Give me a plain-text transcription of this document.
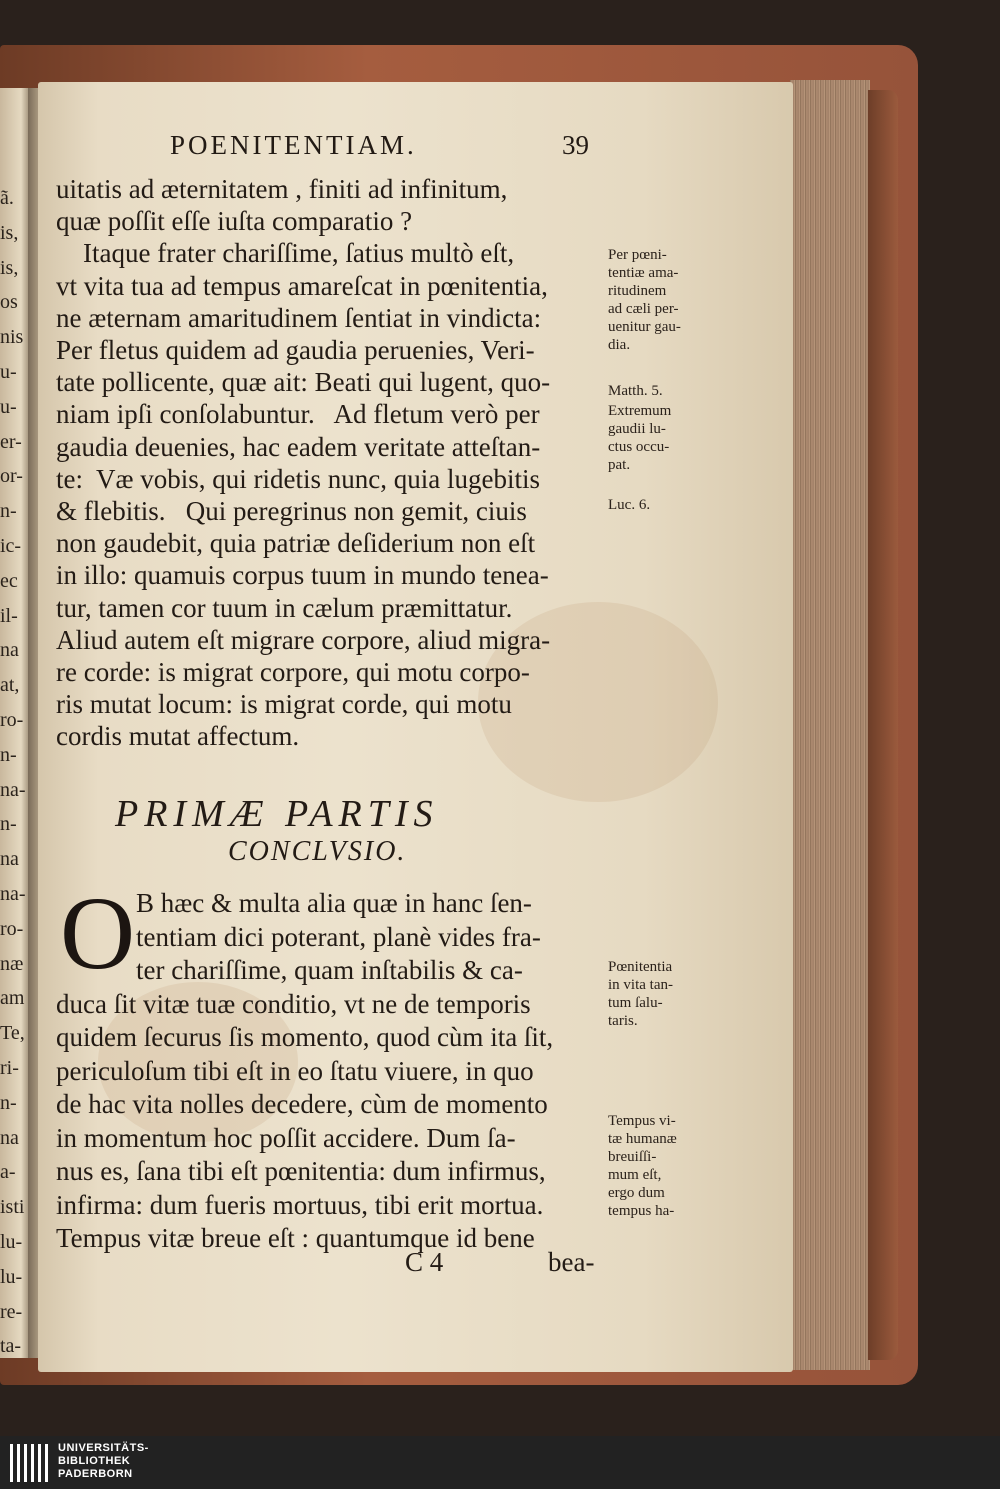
ã.
is,
is,
os
nis
u-
u-
er-
or-
n-
ic-
ec
il-
na
at,
ro-
n-
na-
n-
na
na-
ro-
næ
am
Te,
ri-
n-
na
a-
isti
lu-
lu-
re-
ta-
POENITENTIAM.	39
uitatis ad æternitatem , finiti ad infinitum,
quæ poſſit eſſe iuſta comparatio ?
Itaque frater chariſſime, ſatius multò eſt,
vt vita tua ad tempus amareſcat in pœnitentia,
ne æternam amaritudinem ſentiat in vindicta:
Per fletus quidem ad gaudia peruenies, Veri-
tate pollicente, quæ ait: Beati qui lugent, quo-
niam ipſi conſolabuntur.   Ad fletum verò per
gaudia deuenies, hac eadem veritate atteſtan-
te:  Væ vobis, qui ridetis nunc, quia lugebitis
& flebitis.   Qui peregrinus non gemit, ciuis
non gaudebit, quia patriæ deſiderium non eſt
in illo: quamuis corpus tuum in mundo tenea-
tur, tamen cor tuum in cælum præmittatur.
Aliud autem eſt migrare corpore, aliud migra-
re corde: is migrat corpore, qui motu corpo-
ris mutat locum: is migrat corde, qui motu
cordis mutat affectum.
PRIMÆ PARTIS
CONCLVSIO.
O B hæc & multa alia quæ in hanc ſen-
tentiam dici poterant, planè vides fra-
ter chariſſime, quam inſtabilis & ca-
duca ſit vitæ tuæ conditio, vt ne de temporis
quidem ſecurus ſis momento, quod cùm ita ſit,
periculoſum tibi eſt in eo ſtatu viuere, in quo
de hac vita nolles decedere, cùm de momento
in momentum hoc poſſit accidere. Dum ſa-
nus es, ſana tibi eſt pœnitentia: dum infirmus,
infirma: dum fueris mortuus, tibi erit mortua.
Tempus vitæ breue eſt : quantumque id bene
C 4	bea-
Per pœni-
tentiæ ama-
ritudinem
ad cæli per-
uenitur gau-
dia.
Matth. 5.
Extremum
gaudii lu-
ctus occu-
pat.
Luc. 6.
Pœnitentia
in vita tan-
tum ſalu-
taris.
Tempus vi-
tæ humanæ
breuiſſi-
mum eſt,
ergo dum
tempus ha-
UNIVERSITÄTS-
BIBLIOTHEK
PADERBORN
